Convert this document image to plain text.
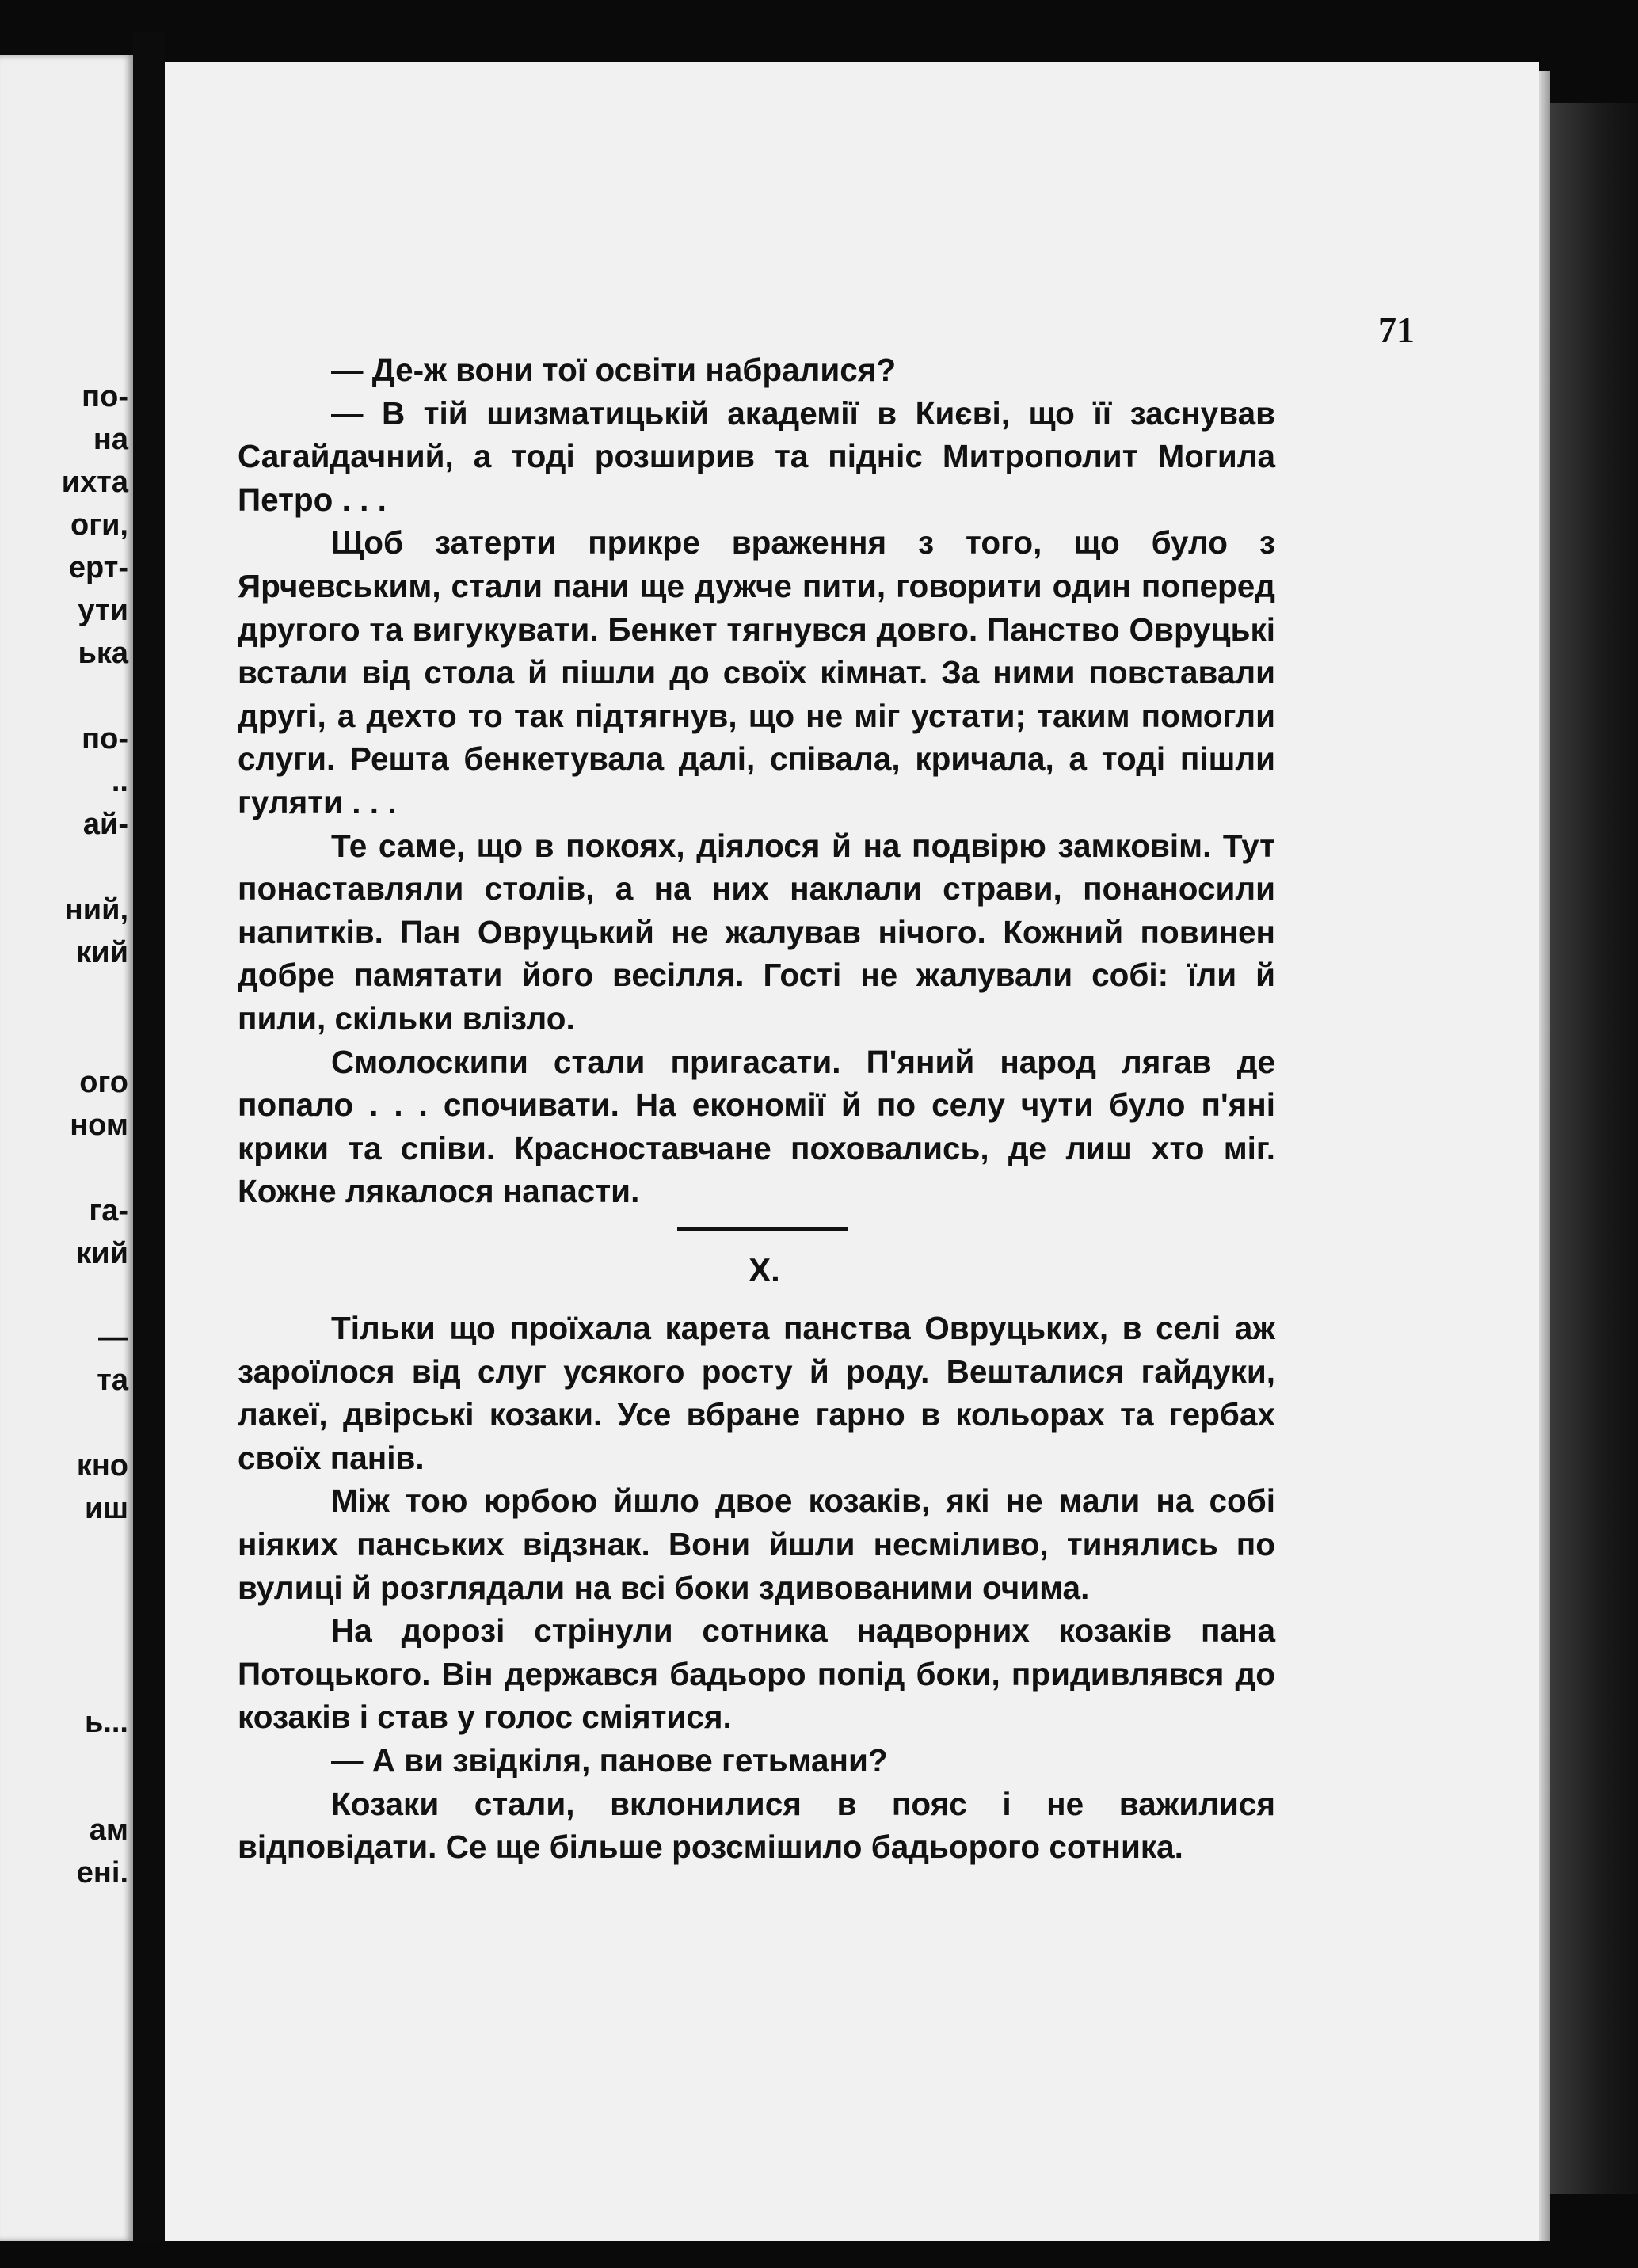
по-
на
ихта
оги,
ерт-
ути
ька
по-
..
ай-
ний,
кий
ого
ном
га-
кий
—
та
кно
иш
ь...
ам
ені.
71

— Де-ж вони тої освіти набралися?

— В тій шизматицькій академії в Києві, що її заснував Сагайдачний, а тоді розширив та підніс Митрополит Могила Петро . . .

Щоб затерти прикре враження з того, що було з Ярчевським, стали пани ще дужче пити, говорити один поперед другого та вигукувати. Бенкет тягнувся довго. Панство Овруцькі встали від стола й пішли до своїх кімнат. За ними повставали другі, а дехто то так підтягнув, що не міг устати; таким помогли слуги. Решта бенкетувала далі, співала, кричала, а тоді пішли гуляти . . .

Те саме, що в покоях, діялося й на подвірю замковім. Тут понаставляли столів, а на них наклали страви, понаносили напитків. Пан Овруцький не жалував нічого. Кожний повинен добре памятати його весілля. Гості не жалували собі: їли й пили, скільки влізло.

Смолоскипи стали пригасати. П'яний народ лягав де попало . . . спочивати. На економії й по селу чути було п'яні крики та співи. Красноставчане поховались, де лиш хто міг. Кожне лякалося напасти.

X.

Тільки що проїхала карета панства Овруцьких, в селі аж зароїлося від слуг усякого росту й роду. Вешталися гайдуки, лакеї, двірські козаки. Усе вбране гарно в кольорах та гербах своїх панів.

Між тою юрбою йшло двое козаків, які не мали на собі ніяких панських відзнак. Вони йшли несміливо, тинялись по вулиці й розглядали на всі боки здивованими очима.

На дорозі стрінули сотника надворних козаків пана Потоцького. Він держався бадьоро попід боки, придивлявся до козаків і став у голос сміятися.

— А ви звідкіля, панове гетьмани?

Козаки стали, вклонилися в пояс і не важилися відповідати. Се ще більше розсмішило бадьорого сотника.
